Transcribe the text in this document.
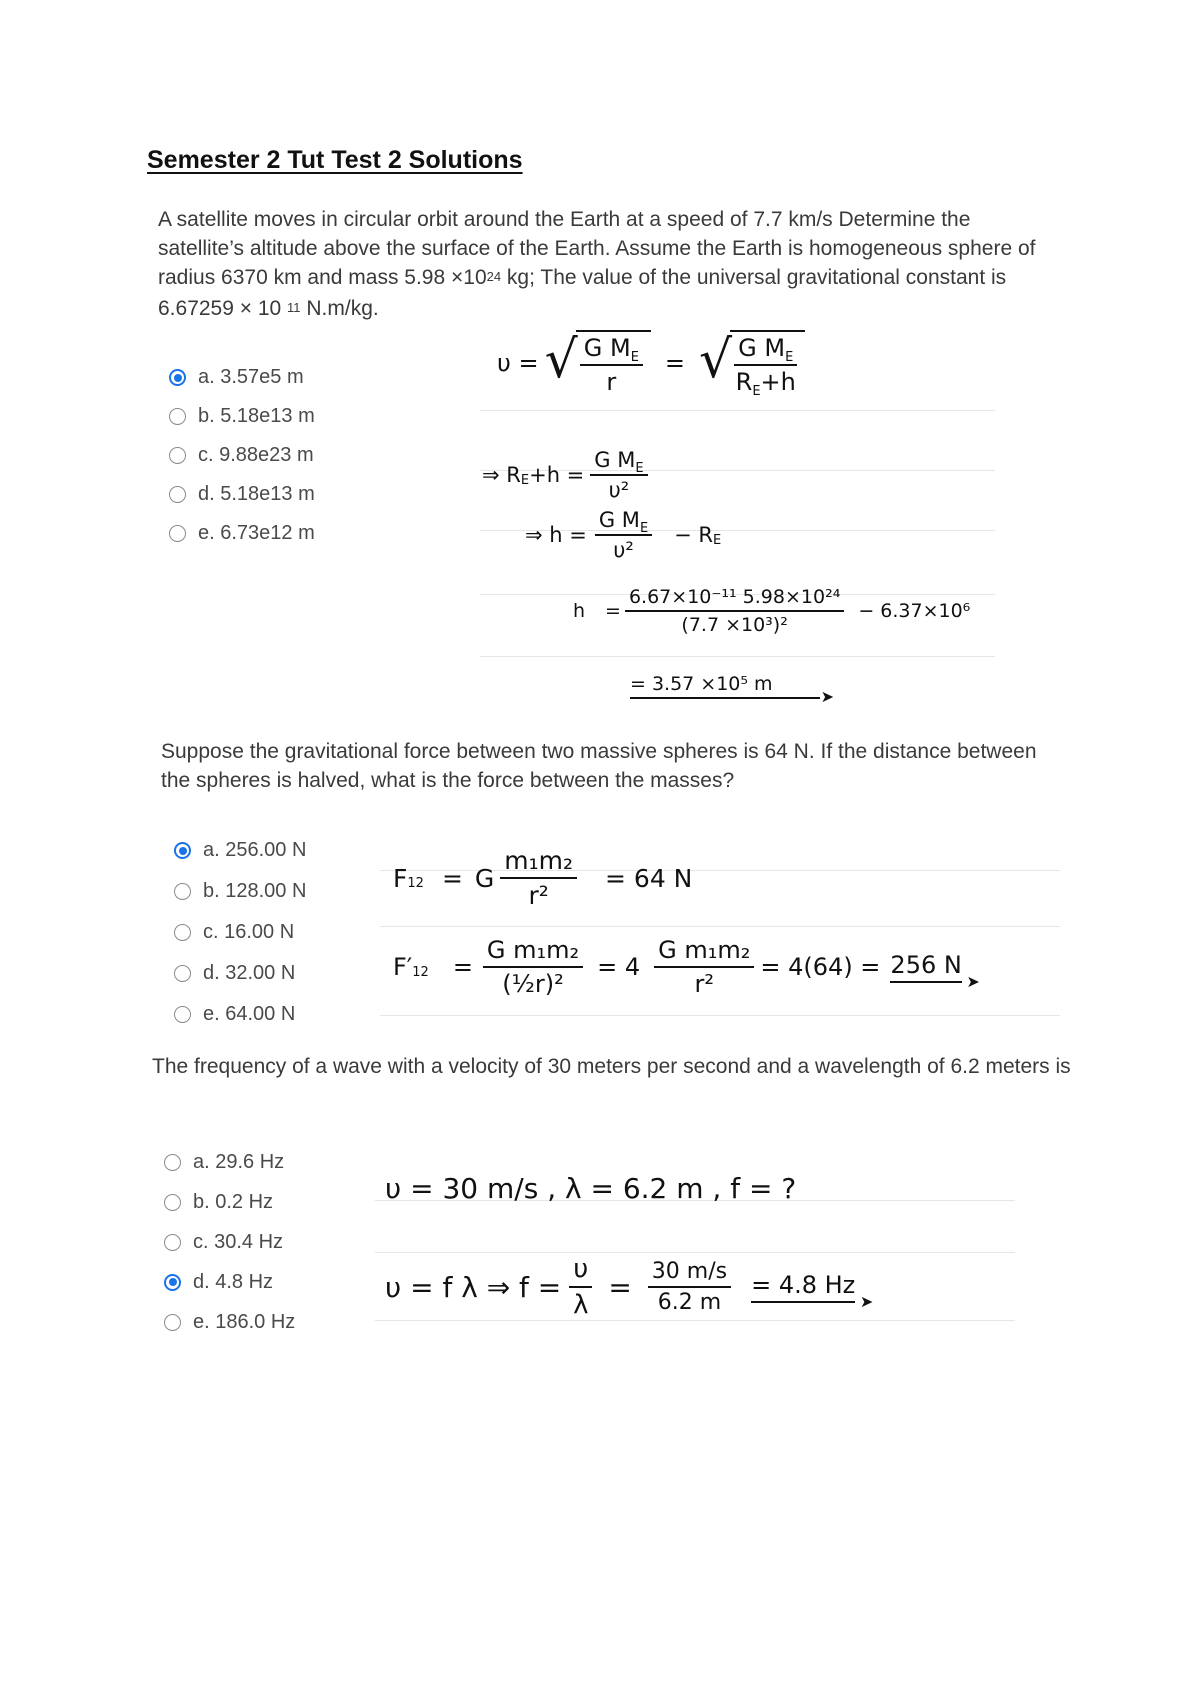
Semester 2 Tut Test 2 Solutions
A satellite moves in circular orbit around the Earth at a speed of 7.7 km/s Determine the satellite’s altitude above the surface of the Earth. Assume the Earth is homogeneous sphere of radius 6370 km and mass $5.98 \times 10^{24}$ kg; The value of the universal gravitational constant is 6.67259 × 10 $^{11}$ N.m/kg.
a. 3.57e5 m
b. 5.18e13 m
c. 9.88e23 m
d. 5.18e13 m
e. 6.73e12 m
υ = √ $\frac{G M_E}{r}$ = √ $\frac{G M_E}{R_E+h}$
⇒ $R_E +h = \frac{G M_E}{\text{υ²}}$
⇒ $h = \frac{G M_E}{\text{υ²}} - R_E$
$h = \frac{\text{6.67×10⁻¹¹ 5.98×10²⁴}}{\text{(7.7 ×10³)²}} - 6.37\times 10^6$
= 3.57 ×10⁵ m
➤
Suppose the gravitational force between two massive spheres is 64 N. If the distance between the spheres is halved, what is the force between the masses?
a. 256.00 N
b. 128.00 N
c. 16.00 N
d. 32.00 N
e. 64.00 N
$F_{12} = G \frac{\text{m₁m₂}}{\text{r²}} = 64$ N
$F'_{12} = \frac{\text{G m₁m₂}}{\text{(½r)²}} = 4 \frac{\text{G m₁m₂}}{\text{r²}} = 4(64) = 256$ N
➤
The frequency of a wave with a velocity of 30 meters per second and a wavelength of 6.2 meters is
a. 29.6 Hz
b. 0.2 Hz
c. 30.4 Hz
d. 4.8 Hz
e. 186.0 Hz
υ = 30 m/s , λ = 6.2 m , f = ?
υ = f λ ⇒ $f = \frac{\upsilon}{\lambda} = \frac{30 m/s}{6.2 m} = 4.8$ Hz
➤
